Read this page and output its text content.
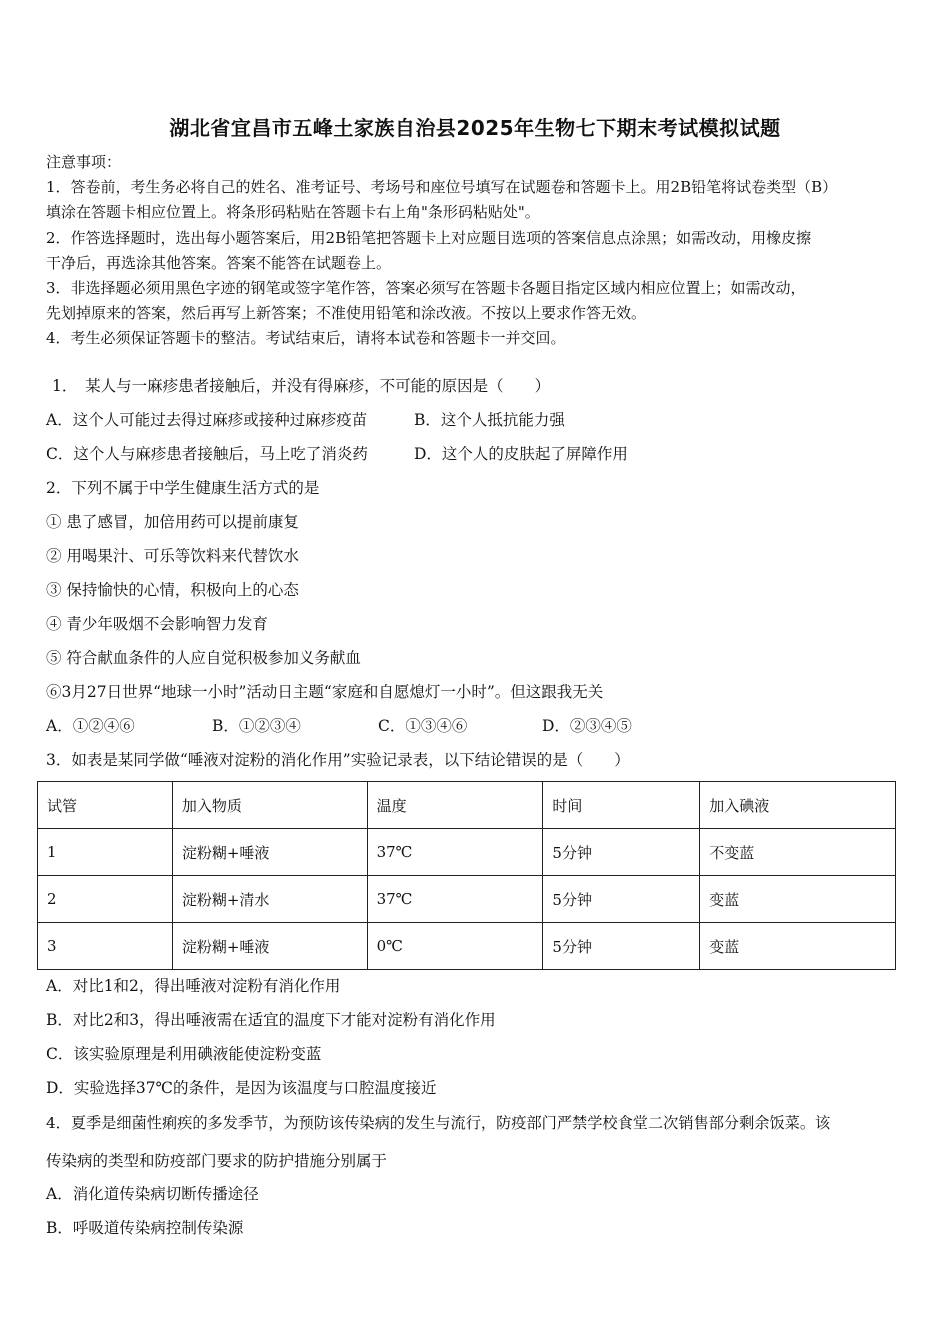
湖北省宜昌市五峰土家族自治县2025年生物七下期末考试模拟试题
注意事项：
1．答卷前，考生务必将自己的姓名、准考证号、考场号和座位号填写在试题卷和答题卡上。用2B铅笔将试卷类型（B）
填涂在答题卡相应位置上。将条形码粘贴在答题卡右上角"条形码粘贴处"。
2．作答选择题时，选出每小题答案后，用2B铅笔把答题卡上对应题目选项的答案信息点涂黑；如需改动，用橡皮擦
干净后，再选涂其他答案。答案不能答在试题卷上。
3．非选择题必须用黑色字迹的钢笔或签字笔作答，答案必须写在答题卡各题目指定区域内相应位置上；如需改动，
先划掉原来的答案，然后再写上新答案；不准使用铅笔和涂改液。不按以上要求作答无效。
4．考生必须保证答题卡的整洁。考试结束后，请将本试卷和答题卡一并交回。
1．　某人与一麻疹患者接触后，并没有得麻疹，不可能的原因是（　　）
A．这个人可能过去得过麻疹或接种过麻疹疫苗	B．这个人抵抗能力强
C．这个人与麻疹患者接触后，马上吃了消炎药	D．这个人的皮肤起了屏障作用
2．下列不属于中学生健康生活方式的是
① 患了感冒，加倍用药可以提前康复
② 用喝果汁、可乐等饮料来代替饮水
③ 保持愉快的心情，积极向上的心态
④ 青少年吸烟不会影响智力发育
⑤ 符合献血条件的人应自觉积极参加义务献血
⑥3月27日世界“地球一小时”活动日主题“家庭和自愿熄灯一小时”。但这跟我无关
A．①②④⑥	B．①②③④	C．①③④⑥	D．②③④⑤
3．如表是某同学做“唾液对淀粉的消化作用”实验记录表，以下结论错误的是（　　）
试管	加入物质	温度	时间	加入碘液
1	淀粉糊+唾液	37℃	5分钟	不变蓝
2	淀粉糊+清水	37℃	5分钟	变蓝
3	淀粉糊+唾液	0℃	5分钟	变蓝
A．对比1和2，得出唾液对淀粉有消化作用
B．对比2和3，得出唾液需在适宜的温度下才能对淀粉有消化作用
C．该实验原理是利用碘液能使淀粉变蓝
D．实验选择37℃的条件，是因为该温度与口腔温度接近
4．夏季是细菌性痢疾的多发季节，为预防该传染病的发生与流行，防疫部门严禁学校食堂二次销售部分剩余饭菜。该
传染病的类型和防疫部门要求的防护措施分别属于
A．消化道传染病切断传播途径
B．呼吸道传染病控制传染源
